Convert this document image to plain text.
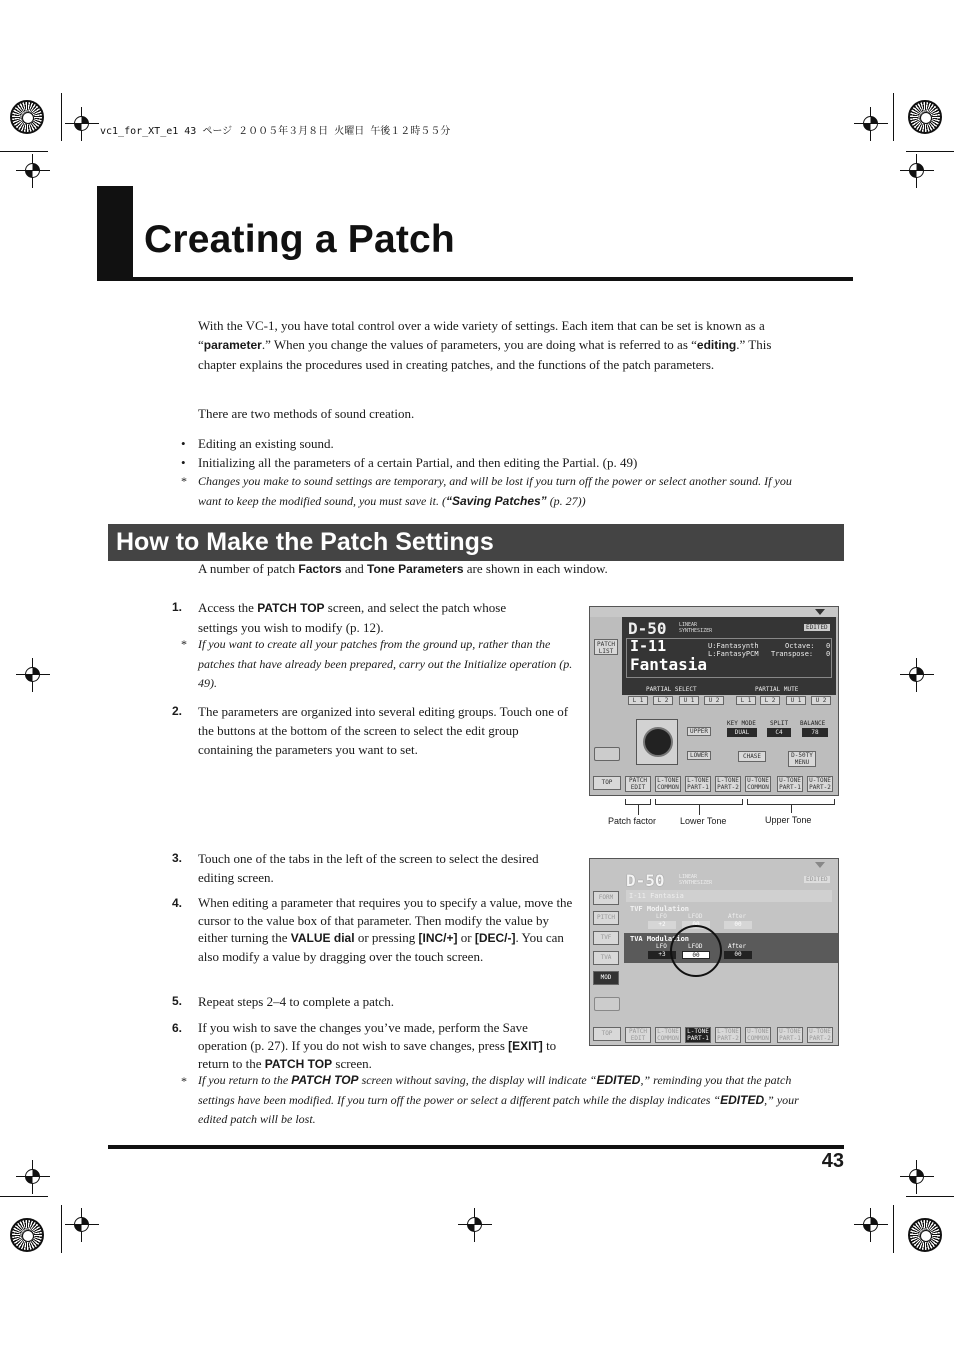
vc1_for_XT_e1 43 ページ ２００５年３月８日 火曜日 午後１２時５５分
Creating a Patch

With the VC-1, you have total control over a wide variety of settings. Each item that can be set is known as a “parameter.” When you change the values of parameters, you are doing what is referred to as “editing.” This chapter explains the procedures used in creating patches, and the functions of the patch parameters.

There are two methods of sound creation.

• Editing an existing sound.

• Initializing all the parameters of a certain Partial, and then editing the Partial. (p. 49)

* Changes you make to sound settings are temporary, and will be lost if you turn off the power or select another sound. If you want to keep the modified sound, you must save it. (“Saving Patches” (p. 27))

How to Make the Patch Settings

A number of patch Factors and Tone Parameters are shown in each window.

1. Access the PATCH TOP screen, and select the patch whose settings you wish to modify (p. 12).

* If you want to create all your patches from the ground up, rather than the patches that have already been prepared, carry out the Initialize operation (p. 49).

2. The parameters are organized into several editing groups. Touch one of the buttons at the bottom of the screen to select the edit group containing the parameters you want to set.

D-50 LINEAR SYNTHESIZER	EDITED
I-11
Fantasia
U:Fantasynth
L:FantasyPCM
Octave: 0
Transpose: 0
PATCH LIST
PARTIAL SELECT	PARTIAL MUTE
L 1	L 2	U 1	U 2	L 1	L 2	U 1	U 2
UPPER
LOWER
KEY MODE SPLIT BALANCE
DUAL	C4	78
CHASE	D-50TY MENU
TOP	PATCH EDIT
L-TONE COMMON
L-TONE PART-1
L-TONE PART-2
U-TONE COMMON
U-TONE PART-1
U-TONE PART-2
Patch factor	Lower Tone	Upper Tone
3. Touch one of the tabs in the left of the screen to select the desired editing screen.

4. When editing a parameter that requires you to specify a value, move the cursor to the value box of that parameter. Then modify the value by either turning the VALUE dial or pressing [INC/+] or [DEC/-]. You can also modify a value by dragging over the touch screen.

5. Repeat steps 2–4 to complete a patch.

6. If you wish to save the changes you’ve made, perform the Save operation (p. 27). If you do not wish to save changes, press [EXIT] to return to the PATCH TOP screen.

* If you return to the PATCH TOP screen without saving, the display will indicate “EDITED,” reminding you that the patch settings have been modified. If you turn off the power or select a different patch while the display indicates “EDITED,” your edited patch will be lost.

D-50	LINEAR SYNTHESIZER	EDITED
I-11 Fantasia
FORM
PITCH
TVF
TVA
MOD
TVF Modulation
LFO	LFOD	After
+2	00	00
TVA Modulation
LFO	LFOD	After
+3	00	00
TOP	PATCH EDIT
L-TONE COMMON
L-TONE PART-1
L-TONE PART-2
U-TONE COMMON
U-TONE PART-1
U-TONE PART-2
43
